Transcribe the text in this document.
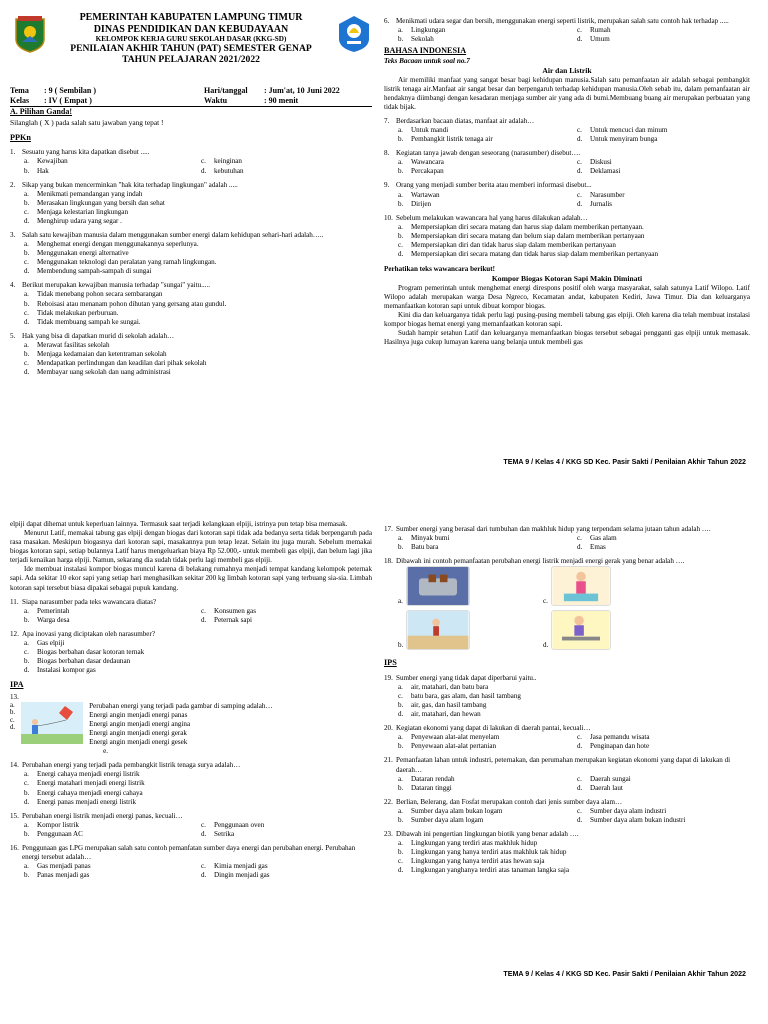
PEMERINTAH KABUPATEN LAMPUNG TIMUR
DINAS PENDIDIKAN DAN KEBUDAYAAN
KELOMPOK KERJA GURU SEKOLAH DASAR (KKG-SD)
PENILAIAN AKHIR TAHUN (PAT) SEMESTER GENAP
TAHUN PELAJARAN 2021/2022
Tema	: 9 ( Sembilan )	Hari/tanggal	: Jum'at, 10 Juni 2022
Kelas	: IV ( Empat )	Waktu	: 90 menit
A. Pilihan Ganda!
Silanglah ( X ) pada salah satu jawaban yang tepat !
PPKn
1. Sesuatu yang harus kita dapatkan disebut .....
a.	Kewajiban	c.	keinginan
b.	Hak	d.	kebutuhan
2. Sikap yang bukan mencerminkan "hak kita terhadap lingkungan" adalah .....
a.	Menikmati pemandangan yang indah
b.	Merasakan lingkungan yang bersih dan sehat
c.	Menjaga kelestarian lingkungan
d.	Menghirup udara yang segar .
3. Salah satu kewajiban manusia dalam menggunakan sumber energi dalam kehidupan sehari-hari adalah…..
a.	Menghemat energi dengan menggunakannya seperlunya.
b.	Menggunakan energi alternative
c.	Menggunakan teknologi dan peralatan yang ramah lingkungan.
d.	Membendung sampah-sampah di sungai
4. Berikut merupakan kewajiban manusia terhadap "sungai" yaitu.....
a.	Tidak menebang pohon secara sembarangan
b.	Reboisasi atau menanam pohon dihutan yang gersang atau gundul.
c.	Tidak melakukan perburuan.
d.	Tidak membuang sampah ke sungai.
5. Hak yang bisa di dapatkan murid di sekolah adalah…
a.	Merawat fasilitas sekolah
b.	Menjaga kedamaian dan ketentraman sekolah
c.	Mendapatkan perlindungan dan keadilan dari pihak sekolah
d.	Membayar uang sekolah dan uang administrasi
6. Menikmati udara segar dan bersih, menggunakan energi seperti listrik, merupakan salah satu contoh hak terhadap .....
a.	Lingkungan	c.	Rumah
b.	Sekolah	d.	Umum
BAHASA INDONESIA
Teks Bacaan untuk soal no.7
Air dan Listrik

Air memiliki manfaat yang sangat besar bagi kehidupan manusia.Salah satu pemanfaatan air adalah sebagai pembangkit listrik tenaga air.Manfaat air sangat besar dan berpengaruh terhadap kehidupan manusia.Oleh sebab itu, dalam pemanfaatan air hendaknya diimbangi dengan kesadaran menjaga sumber air yang ada di bumi.Membuang buang air merupakan perbuatan yang tidak bijak.

7. Berdasarkan bacaan diatas, manfaat air adalah…
a.	Untuk mandi	c.	Untuk mencuci dan minum
b.	Pembangkit listrik tenaga air	d.	Untuk menyiram bunga
8. Kegiatan tanya jawab dengan seseorang (narasumber) disebut….
a.	Wawancara	c.	Diskusi
b.	Percakapan	d.	Deklamasi
9. Orang yang menjadi sumber berita atau memberi informasi disebut...
a.	Wartawan	c.	Narasumber
b.	Dirijen	d.	Jurnalis
10. Sebelum melakukan wawancara hal yang harus dilakukan adalah…
a.	Mempersiapkan diri secara matang dan harus siap dalam memberikan pertanyaan.
b.	Mempersiapkan diri secara matang dan belum siap dalam memberikan pertanyaan
c.	Mempersiapkan diri dan tidak harus siap dalam memberikan pertanyaan
d.	Mempersiapkan diri secara matang dan tidak harus siap dalam memberikan pertanyaan
Perhatikan teks wawancara berikut!
Kompor Biogas Kotoran Sapi Makin Diminati

Program pemerintah untuk menghemat energi direspons positif oleh warga masyarakat, salah satunya Latif Wilopo. Latif Wilopo adalah merupakan warga Desa Ngreco, Kecamatan andat, kabupaten Kediri, Jawa Timur. Dia dan keluarganya memanfaatkan kotoran sapi untuk dibuat kompor biogas.

Kini dia dan keluarganya tidak perlu lagi pusing-pusing membeli tabung gas elpiji. Oleh karena dia telah membuat instalasi kompor biogas hemat energi yang memanfaatkan kotoran sapi.

Sudah hampir setahun Latif dan keluarganya memanfaatkan biogas tersebut sebagai pengganti gas elpiji untuk memasak. Hasilnya juga cukup lumayan karena uang belanja untuk membeli gas

TEMA 9 / Kelas 4 / KKG SD Kec. Pasir Sakti / Penilaian Akhir Tahun 2022

elpiji dapat dihemat untuk keperluan lainnya. Termasuk saat terjadi kelangkaan elpiji, istrinya pun tetap bisa memasak.

Menurut Latif, memakai tabung gas elpiji dengan biogas dari kotoran sapi tidak ada bedanya serta tidak berpengaruh pada rasa masakan. Meskipun biogasnya dari kotoran sapi, masakannya pun tetap lezat. Selain itu juga murah. Sebelum memakai biogas kotoran sapi, setiap bulannya Latif harus mengeluarkan biaya Rp 52.000,- untuk membeli gas elpiji, dan belum lagi jika terjadi kenaikan harga elpiji. Namun, sekarang dia sudah tidak perlu lagi membeli gas elpiji.

Ide membuat instalasi kompor biogas muncul karena di belakang rumahnya menjadi tempat kandang kelompok peternak sapi. Ada sekitar 10 ekor sapi yang setiap hari menghasilkan sekitar 200 kg limbah kotoran sapi yang terbuang sia-sia. Limbah kotoran sapi tersebut biasa dipakai sebagai pupuk kandang.

11. Siapa narasumber pada teks wawancara diatas?
a.	Pemerintah	c.	Konsumen gas
b.	Warga desa	d.	Peternak sapi
12. Apa inovasi yang diciptakan oleh narasumber?
a.	Gas elpiji
c.	Biogas berbahan dasar kotoran ternak
b.	Biogas berbahan dasar dedaunan
d.	Instalasi kompor gas
IPA
13.
a.
b.
c.
d.
Perubahan energi yang terjadi pada gambar di samping adalah…
Energi angin menjadi energi panas
Energi angin menjadi energi angina
Energi angin menjadi energi gerak
Energi angin menjadi energi gesek
e.
14. Perubahan energi yang terjadi pada pembangkit listrik tenaga surya adalah…
a.	Energi cahaya menjadi energi listrik
c.	Energi matahari menjadi energi listrik
b.	Energi cahaya menjadi energi cahaya
d.	Energi panas menjadi energi listrik
15. Perubahan energi listrik menjadi energi panas, kecuali…
a.	Kompor listrik	c.	Penggunaan oven
b.	Penggunaan AC	d.	Setrika
16. Penggunaan gas LPG merupakan salah satu contoh pemanfatan sumber daya energi dan perubahan energi. Perubahan energi tersebut adalah…
a.	Gas menjadi panas	c.	Kimia menjadi gas
b.	Panas menjadi gas	d.	Dingin menjadi gas
17. Sumber energi yang berasal dari tumbuhan dan makhluk hidup yang terpendam selama jutaan tahun adalah ….
a.	Minyak bumi	c.	Gas alam
b.	Batu bara	d.	Emas
18. Dibawah ini contoh pemanfaatan perubahan energi listrik menjadi energi gerak yang benar adalah ….
a.	c.
b.	d.
IPS
19. Sumber energi yang tidak dapat diperbarui yaitu..
a.	air, matahari, dan batu bara
c.	batu bara, gas alam, dan hasil tambang
b.	air, gas, dan hasil tambang
d.	air, matahari, dan hewan
20. Kegiatan ekonomi yang dapat di lakukan di daerah pantai, kecuali…
a.	Penyewaan alat-alat menyelam	c.	Jasa pemandu wisata
b.	Penyewaan alat-alat pertanian	d.	Penginapan dan hote
21. Pemanfaatan lahan untuk industri, peternakan, dan perumahan merupakan kegiatan ekonomi yang dapat di lakukan di daerah…
a.	Dataran rendah	c.	Daerah sungai
b.	Dataran tinggi	d.	Daerah laut
22. Berlian, Belerang, dan Fosfat merupakan contoh dari jenis sumber daya alam…
a.	Sumber daya alam bukan logam	c.	Sumber daya alam industri
b.	Sumber daya alam logam	d.	Sumber daya alam bukan industri
23. Dibawah ini pengertian lingkungan biotik yang benar adalah ….
a.	Lingkungan yang terdiri atas makhluk hidup
b.	Lingkungan yang hanya terdiri atas makhluk tak hidup
c.	Lingkungan yang hanya terdiri atas hewan saja
d.	Lingkungan yanghanya terdiri atas tanaman langka saja
TEMA 9 / Kelas 4 / KKG SD Kec. Pasir Sakti / Penilaian Akhir Tahun 2022
